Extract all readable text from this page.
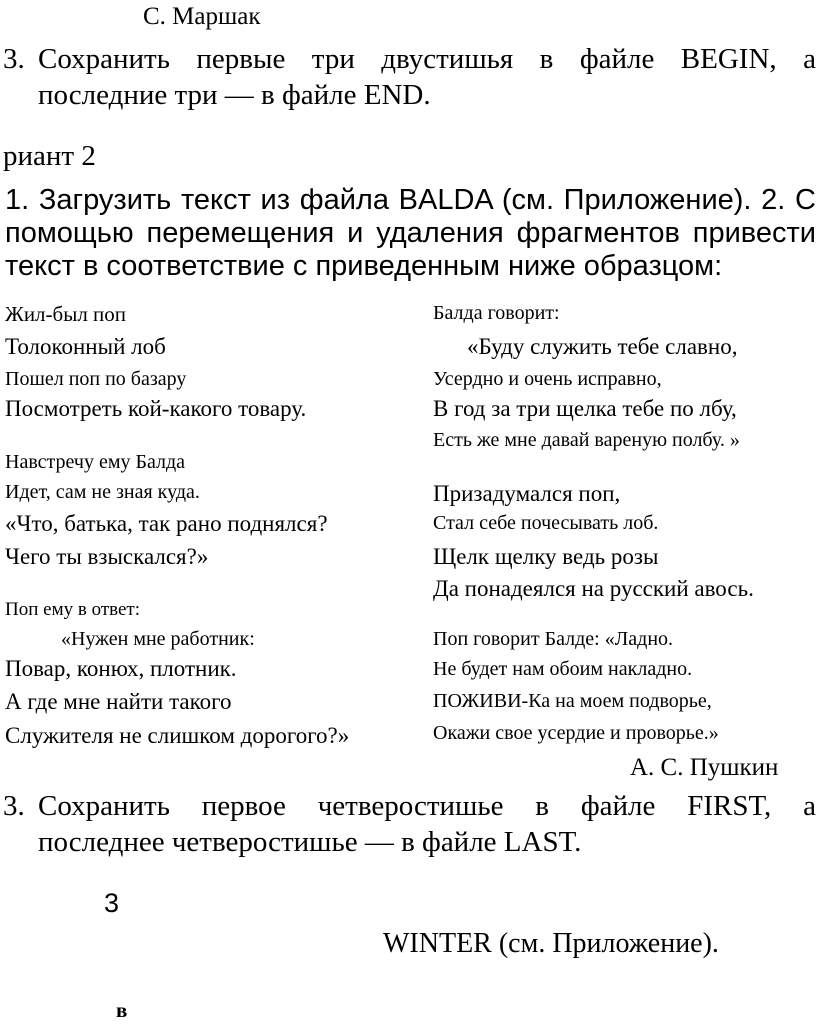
С. Маршак
3. Сохранить первые три двустишья в файле BEGIN, а
последние три — в файле END.
риант 2
1. Загрузить текст из файла BALDA (см. Приложение). 2. С
помощью перемещения и удаления фрагментов привести
текст в соответствие с приведенным ниже образцом:
Жил-был поп
Толоконный лоб
Пошел поп по базару
Посмотреть кой-какого товару.
Навстречу ему Балда
Идет, сам не зная куда.
«Что, батька, так рано поднялся?
Чего ты взыскался?»
Поп ему в ответ:
«Нужен мне работник:
Повар, конюх, плотник.
А где мне найти такого
Служителя не слишком дорогого?»
Балда говорит:
«Буду служить тебе славно,
Усердно и очень исправно,
В год за три щелка тебе по лбу,
Есть же мне давай вареную полбу. »
Призадумался поп,
Стал себе почесывать лоб.
Щелк щелку ведь розы
Да понадеялся на русский авось.
Поп говорит Балде: «Ладно.
Не будет нам обоим накладно.
ПОЖИВИ-Ка на моем подворье,
Окажи свое усердие и проворье.»
А. С. Пушкин
3. Сохранить первое четверостишье в файле FIRST, а
последнее четверостишье — в файле LAST.
3
WINTER (см. Приложение).
в
